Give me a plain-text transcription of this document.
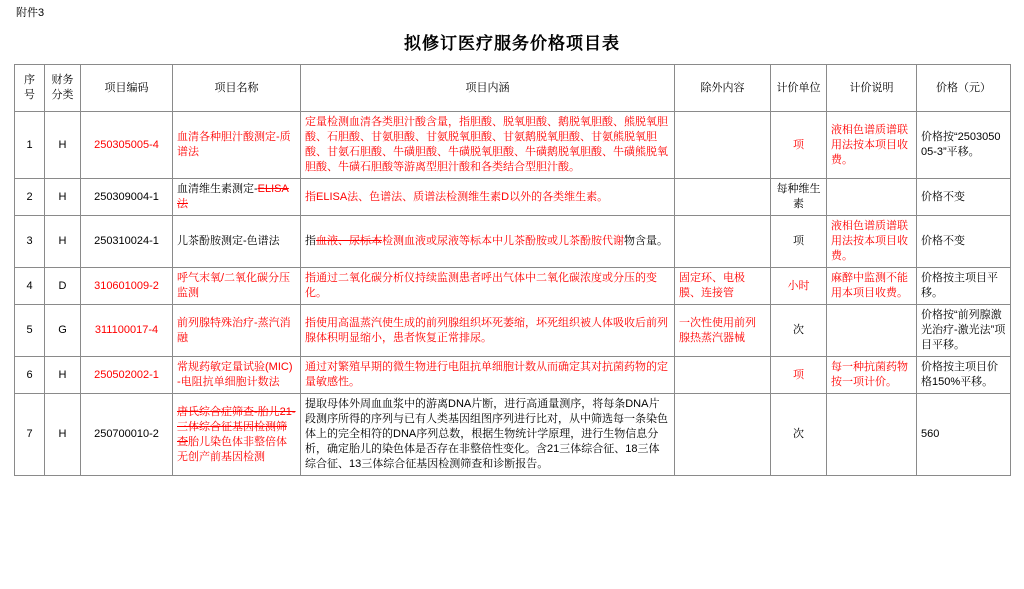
附件3
拟修订医疗服务价格项目表
序号	财务分类	项目编码	项目名称	项目内涵	除外内容	计价单位	计价说明	价格（元）
1	H	250305005-4	血清各种胆汁酸测定-质谱法	定量检测血清各类胆汁酸含量，指胆酸、脱氧胆酸、鹅脱氧胆酸、熊脱氧胆酸、石胆酸、甘氨胆酸、甘氨脱氧胆酸、甘氨鹅脱氧胆酸、甘氨熊脱氧胆酸、甘氨石胆酸、牛磺胆酸、牛磺脱氧胆酸、牛磺鹅脱氧胆酸、牛磺熊脱氧胆酸、牛磺石胆酸等游离型胆汁酸和各类结合型胆汁酸。		项	液相色谱质谱联用法按本项目收费。	价格按“250305005-3”平移。
2	H	250309004-1	血清维生素测定-ELISA法	指ELISA法、色谱法、质谱法检测维生素D以外的各类维生素。		每种维生素		价格不变
3	H	250310024-1	儿茶酚胺测定-色谱法	指血液、尿标本检测血液或尿液等标本中儿茶酚胺或儿茶酚胺代谢物含量。		项	液相色谱质谱联用法按本项目收费。	价格不变
4	D	310601009-2	呼气末氧/二氧化碳分压监测	指通过二氧化碳分析仪持续监测患者呼出气体中二氧化碳浓度或分压的变化。	固定环、电极膜、连接管	小时	麻醉中监测不能用本项目收费。	价格按主项目平移。
5	G	311100017-4	前列腺特殊治疗-蒸汽消融	指使用高温蒸汽使生成的前列腺组织坏死萎缩，坏死组织被人体吸收后前列腺体积明显缩小，患者恢复正常排尿。	一次性使用前列腺热蒸汽器械	次		价格按“前列腺激光治疗-激光法”项目平移。
6	H	250502002-1	常规药敏定量试验(MIC)-电阻抗单细胞计数法	通过对繁殖早期的微生物进行电阻抗单细胞计数从而确定其对抗菌药物的定量敏感性。		项	每一种抗菌药物按一项计价。	价格按主项目价格150%平移。
7	H	250700010-2	唐氏综合症筛查-胎儿21-三体综合征基因检测筛查胎儿染色体非整倍体无创产前基因检测	提取母体外周血血浆中的游离DNA片断，进行高通量测序，将每条DNA片段测序所得的序列与已有人类基因组图序列进行比对，从中筛选每一条染色体上的完全相符的DNA序列总数，根据生物统计学原理，进行生物信息分析，确定胎儿的染色体是否存在非整倍性变化。含21三体综合征、18三体综合征、13三体综合征基因检测筛查和诊断报告。		次		560
